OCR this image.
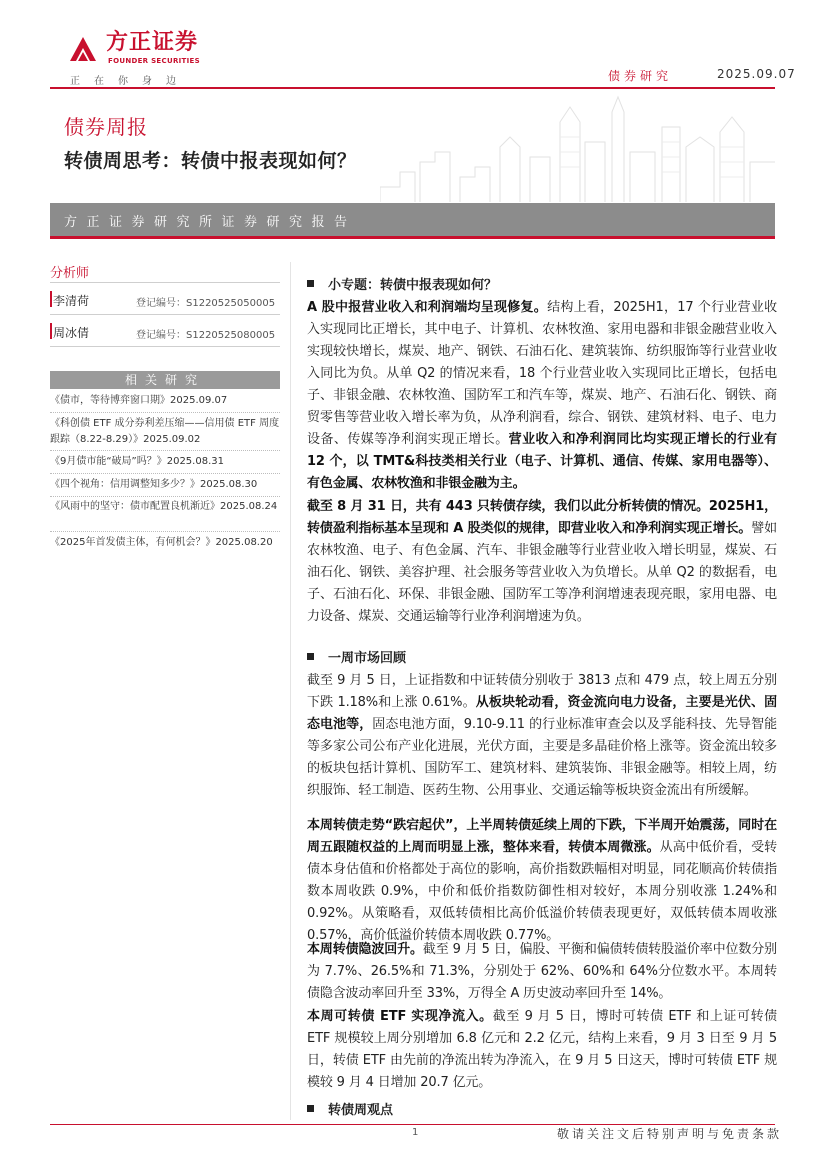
方正证券
FOUNDER SECURITIES
正在你身边	债券研究	2025.09.07
债券周报
转债周思考：转债中报表现如何？
方正证券研究所证券研究报告
分析师
李清荷	登记编号：S1220525050005
周冰倩	登记编号：S1220525080005
相关研究
《债市，等待博弈窗口期》2025.09.07
《科创债 ETF 成分券利差压缩——信用债 ETF 周度跟踪（8.22-8.29）》2025.09.02
《9月债市能“破局”吗？》2025.08.31
《四个视角：信用调整知多少？》2025.08.30
《风雨中的坚守：债市配置良机渐近》2025.08.24
《2025年首发债主体，有何机会？》2025.08.20
小专题：转债中报表现如何？

A 股中报营业收入和利润端均呈现修复。结构上看，2025H1，17 个行业营业收入实现同比正增长，其中电子、计算机、农林牧渔、家用电器和非银金融营业收入实现较快增长，煤炭、地产、钢铁、石油石化、建筑装饰、纺织服饰等行业营业收入同比为负。从单 Q2 的情况来看，18 个行业营业收入实现同比正增长，包括电子、非银金融、农林牧渔、国防军工和汽车等，煤炭、地产、石油石化、钢铁、商贸零售等营业收入增长率为负，从净利润看，综合、钢铁、建筑材料、电子、电力设备、传媒等净利润实现正增长。营业收入和净利润同比均实现正增长的行业有 12 个，以 TMT&科技类相关行业（电子、计算机、通信、传媒、家用电器等）、有色金属、农林牧渔和非银金融为主。

截至 8 月 31 日，共有 443 只转债存续，我们以此分析转债的情况。2025H1，转债盈利指标基本呈现和 A 股类似的规律，即营业收入和净利润实现正增长。譬如农林牧渔、电子、有色金属、汽车、非银金融等行业营业收入增长明显，煤炭、石油石化、钢铁、美容护理、社会服务等营业收入为负增长。从单 Q2 的数据看，电子、石油石化、环保、非银金融、国防军工等净利润增速表现亮眼，家用电器、电力设备、煤炭、交通运输等行业净利润增速为负。

一周市场回顾

截至 9 月 5 日，上证指数和中证转债分别收于 3813 点和 479 点，较上周五分别下跌 1.18%和上涨 0.61%。从板块轮动看，资金流向电力设备，主要是光伏、固态电池等，固态电池方面，9.10-9.11 的行业标准审查会以及孚能科技、先导智能等多家公司公布产业化进展，光伏方面，主要是多晶硅价格上涨等。资金流出较多的板块包括计算机、国防军工、建筑材料、建筑装饰、非银金融等。相较上周，纺织服饰、轻工制造、医药生物、公用事业、交通运输等板块资金流出有所缓解。

本周转债走势“跌宕起伏”，上半周转债延续上周的下跌，下半周开始震荡，同时在周五跟随权益的上周而明显上涨，整体来看，转债本周微涨。从高中低价看，受转债本身估值和价格都处于高位的影响，高价指数跌幅相对明显，同花顺高价转债指数本周收跌 0.9%，中价和低价指数防御性相对较好，本周分别收涨 1.24%和 0.92%。从策略看，双低转债相比高价低溢价转债表现更好，双低转债本周收涨 0.57%，高价低溢价转债本周收跌 0.77%。

本周转债隐波回升。截至 9 月 5 日，偏股、平衡和偏债转债转股溢价率中位数分别为 7.7%、26.5%和 71.3%，分别处于 62%、60%和 64%分位数水平。本周转债隐含波动率回升至 33%，万得全 A 历史波动率回升至 14%。

本周可转债 ETF 实现净流入。截至 9 月 5 日，博时可转债 ETF 和上证可转债 ETF 规模较上周分别增加 6.8 亿元和 2.2 亿元，结构上来看，9 月 3 日至 9 月 5 日，转债 ETF 由先前的净流出转为净流入，在 9 月 5 日这天，博时可转债 ETF 规模较 9 月 4 日增加 20.7 亿元。

转债周观点
1	敬请关注文后特别声明与免责条款
